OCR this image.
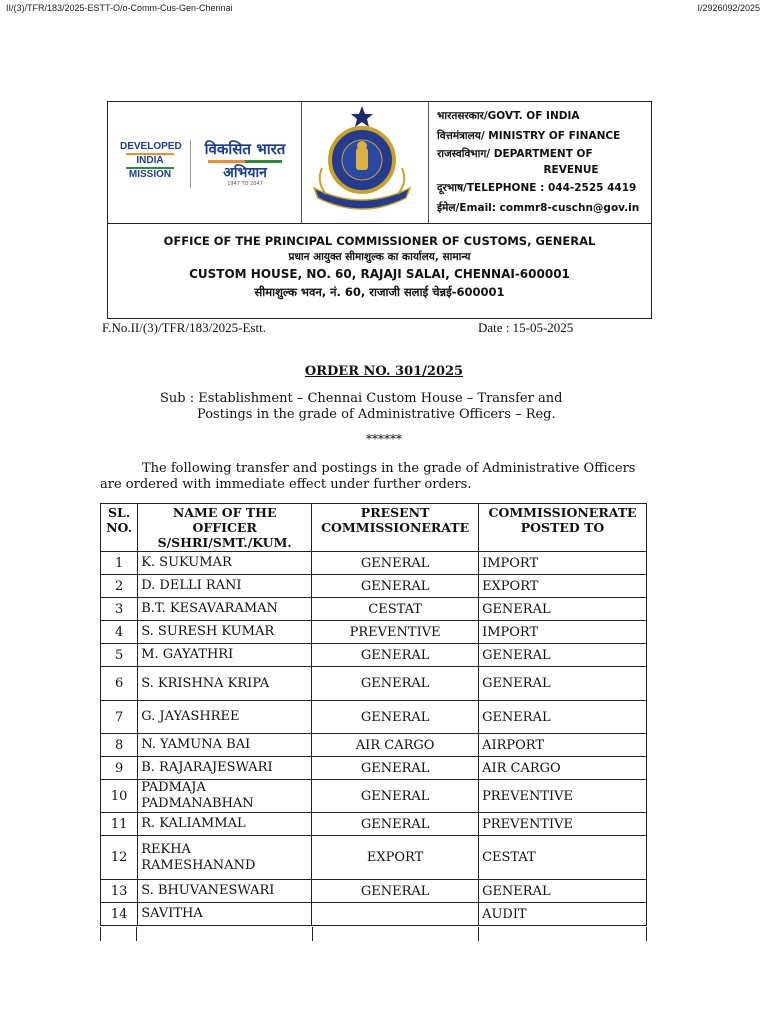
II/(3)/TFR/183/2025-ESTT-O/o-Comm-Cus-Gen-Chennai	I/2926092/2025
DEVELOPED
INDIA
MISSION
विकसित भारत
अभियान
1947 TO 2047
भारतसरकार/GOVT. OF INDIA
वित्तमंत्रालय/ MINISTRY OF FINANCE
राजस्वविभाग/ DEPARTMENT OF
REVENUE
दूरभाष/TELEPHONE : 044-2525 4419
ईमेल/Email: commr8-cuschn@gov.in
OFFICE OF THE PRINCIPAL COMMISSIONER OF CUSTOMS, GENERAL
प्रधान आयुक्त सीमाशुल्क का कार्यालय, सामान्य
CUSTOM HOUSE, NO. 60, RAJAJI SALAI, CHENNAI-600001
सीमाशुल्क भवन, नं. 60, राजाजी सलाई चेन्नई-600001
F.No.II/(3)/TFR/183/2025-Estt.	Date : 15-05-2025
ORDER NO. 301/2025
Sub : Establishment – Chennai Custom House – Transfer and
Postings in the grade of Administrative Officers – Reg.
******
The following transfer and postings in the grade of Administrative Officers
are ordered with immediate effect under further orders.
SL. NO.	NAME OF THE OFFICER S/SHRI/SMT./KUM.	PRESENT COMMISSIONERATE	COMMISSIONERATE POSTED TO
1	K. SUKUMAR	GENERAL	IMPORT
2	D. DELLI RANI	GENERAL	EXPORT
3	B.T. KESAVARAMAN	CESTAT	GENERAL
4	S. SURESH KUMAR	PREVENTIVE	IMPORT
5	M. GAYATHRI	GENERAL	GENERAL
6	S. KRISHNA KRIPA	GENERAL	GENERAL
7	G. JAYASHREE	GENERAL	GENERAL
8	N. YAMUNA BAI	AIR CARGO	AIRPORT
9	B. RAJARAJESWARI	GENERAL	AIR CARGO
10	PADMAJA PADMANABHAN	GENERAL	PREVENTIVE
11	R. KALIAMMAL	GENERAL	PREVENTIVE
12	REKHA RAMESHANAND	EXPORT	CESTAT
13	S. BHUVANESWARI	GENERAL	GENERAL
14	SAVITHA		AUDIT
